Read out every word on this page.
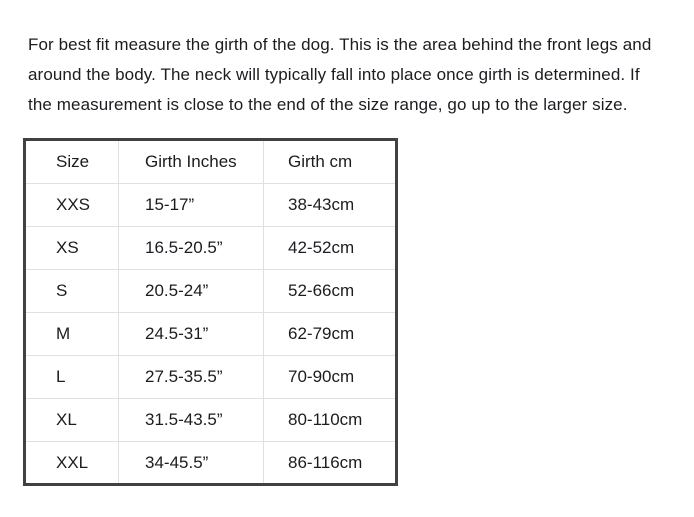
For best fit measure the girth of the dog. This is the area behind the front legs and
around the body. The neck will typically fall into place once girth is determined. If
the measurement is close to the end of the size range, go up to the larger size.
Size	Girth Inches	Girth cm
XXS	15-17”	38-43cm
XS	16.5-20.5”	42-52cm
S	20.5-24”	52-66cm
M	24.5-31”	62-79cm
L	27.5-35.5”	70-90cm
XL	31.5-43.5”	80-110cm
XXL	34-45.5”	86-116cm
